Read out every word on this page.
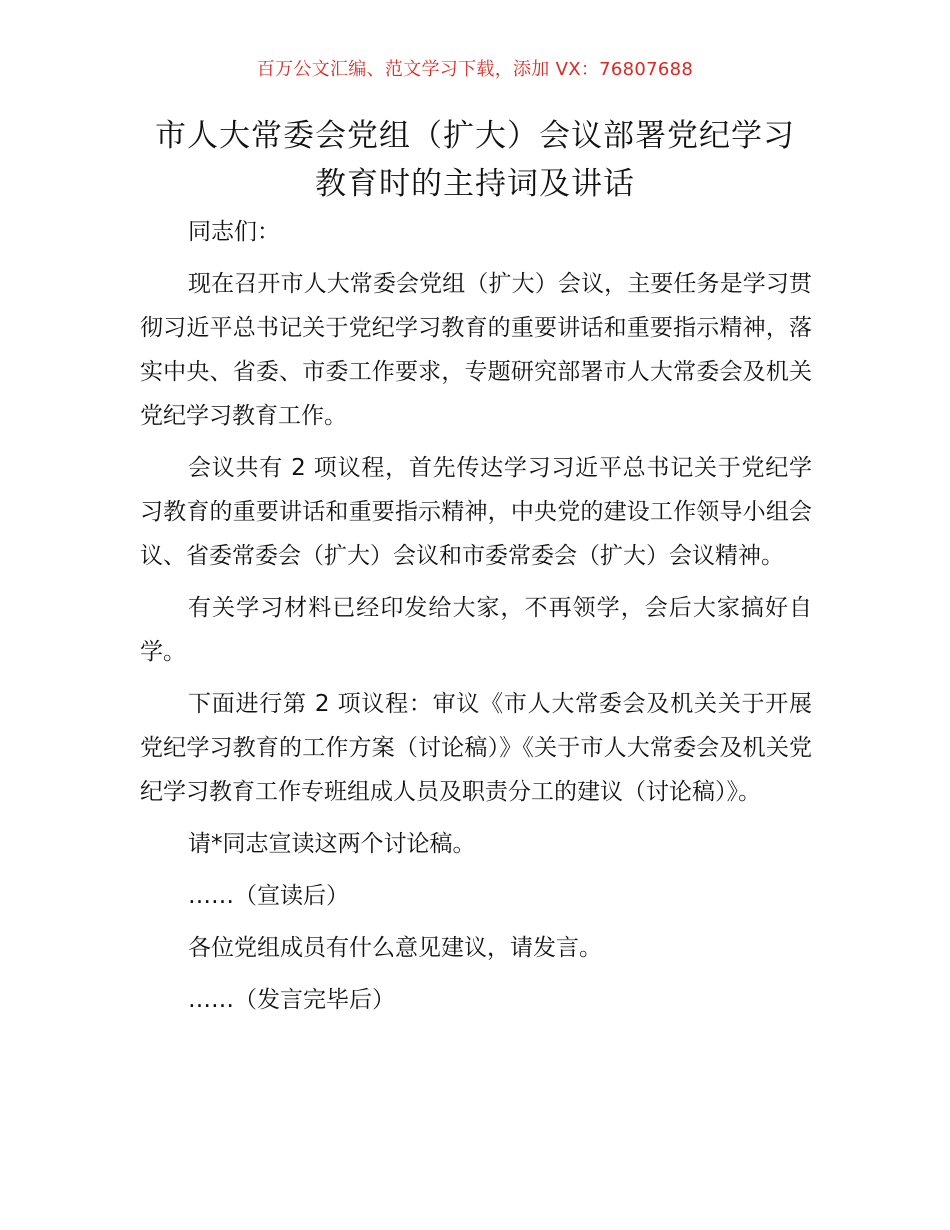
百万公文汇编、范文学习下载，添加 VX：76807688
市人大常委会党组（扩大）会议部署党纪学习
教育时的主持词及讲话

同志们：

现在召开市人大常委会党组（扩大）会议，主要任务是学习贯彻习近平总书记关于党纪学习教育的重要讲话和重要指示精神，落实中央、省委、市委工作要求，专题研究部署市人大常委会及机关党纪学习教育工作。

会议共有 2 项议程，首先传达学习习近平总书记关于党纪学习教育的重要讲话和重要指示精神，中央党的建设工作领导小组会议、省委常委会（扩大）会议和市委常委会（扩大）会议精神。

有关学习材料已经印发给大家，不再领学，会后大家搞好自学。

下面进行第 2 项议程：审议《市人大常委会及机关关于开展党纪学习教育的工作方案（讨论稿）》《关于市人大常委会及机关党纪学习教育工作专班组成人员及职责分工的建议（讨论稿）》。

请*同志宣读这两个讨论稿。

……（宣读后）

各位党组成员有什么意见建议，请发言。

……（发言完毕后）
